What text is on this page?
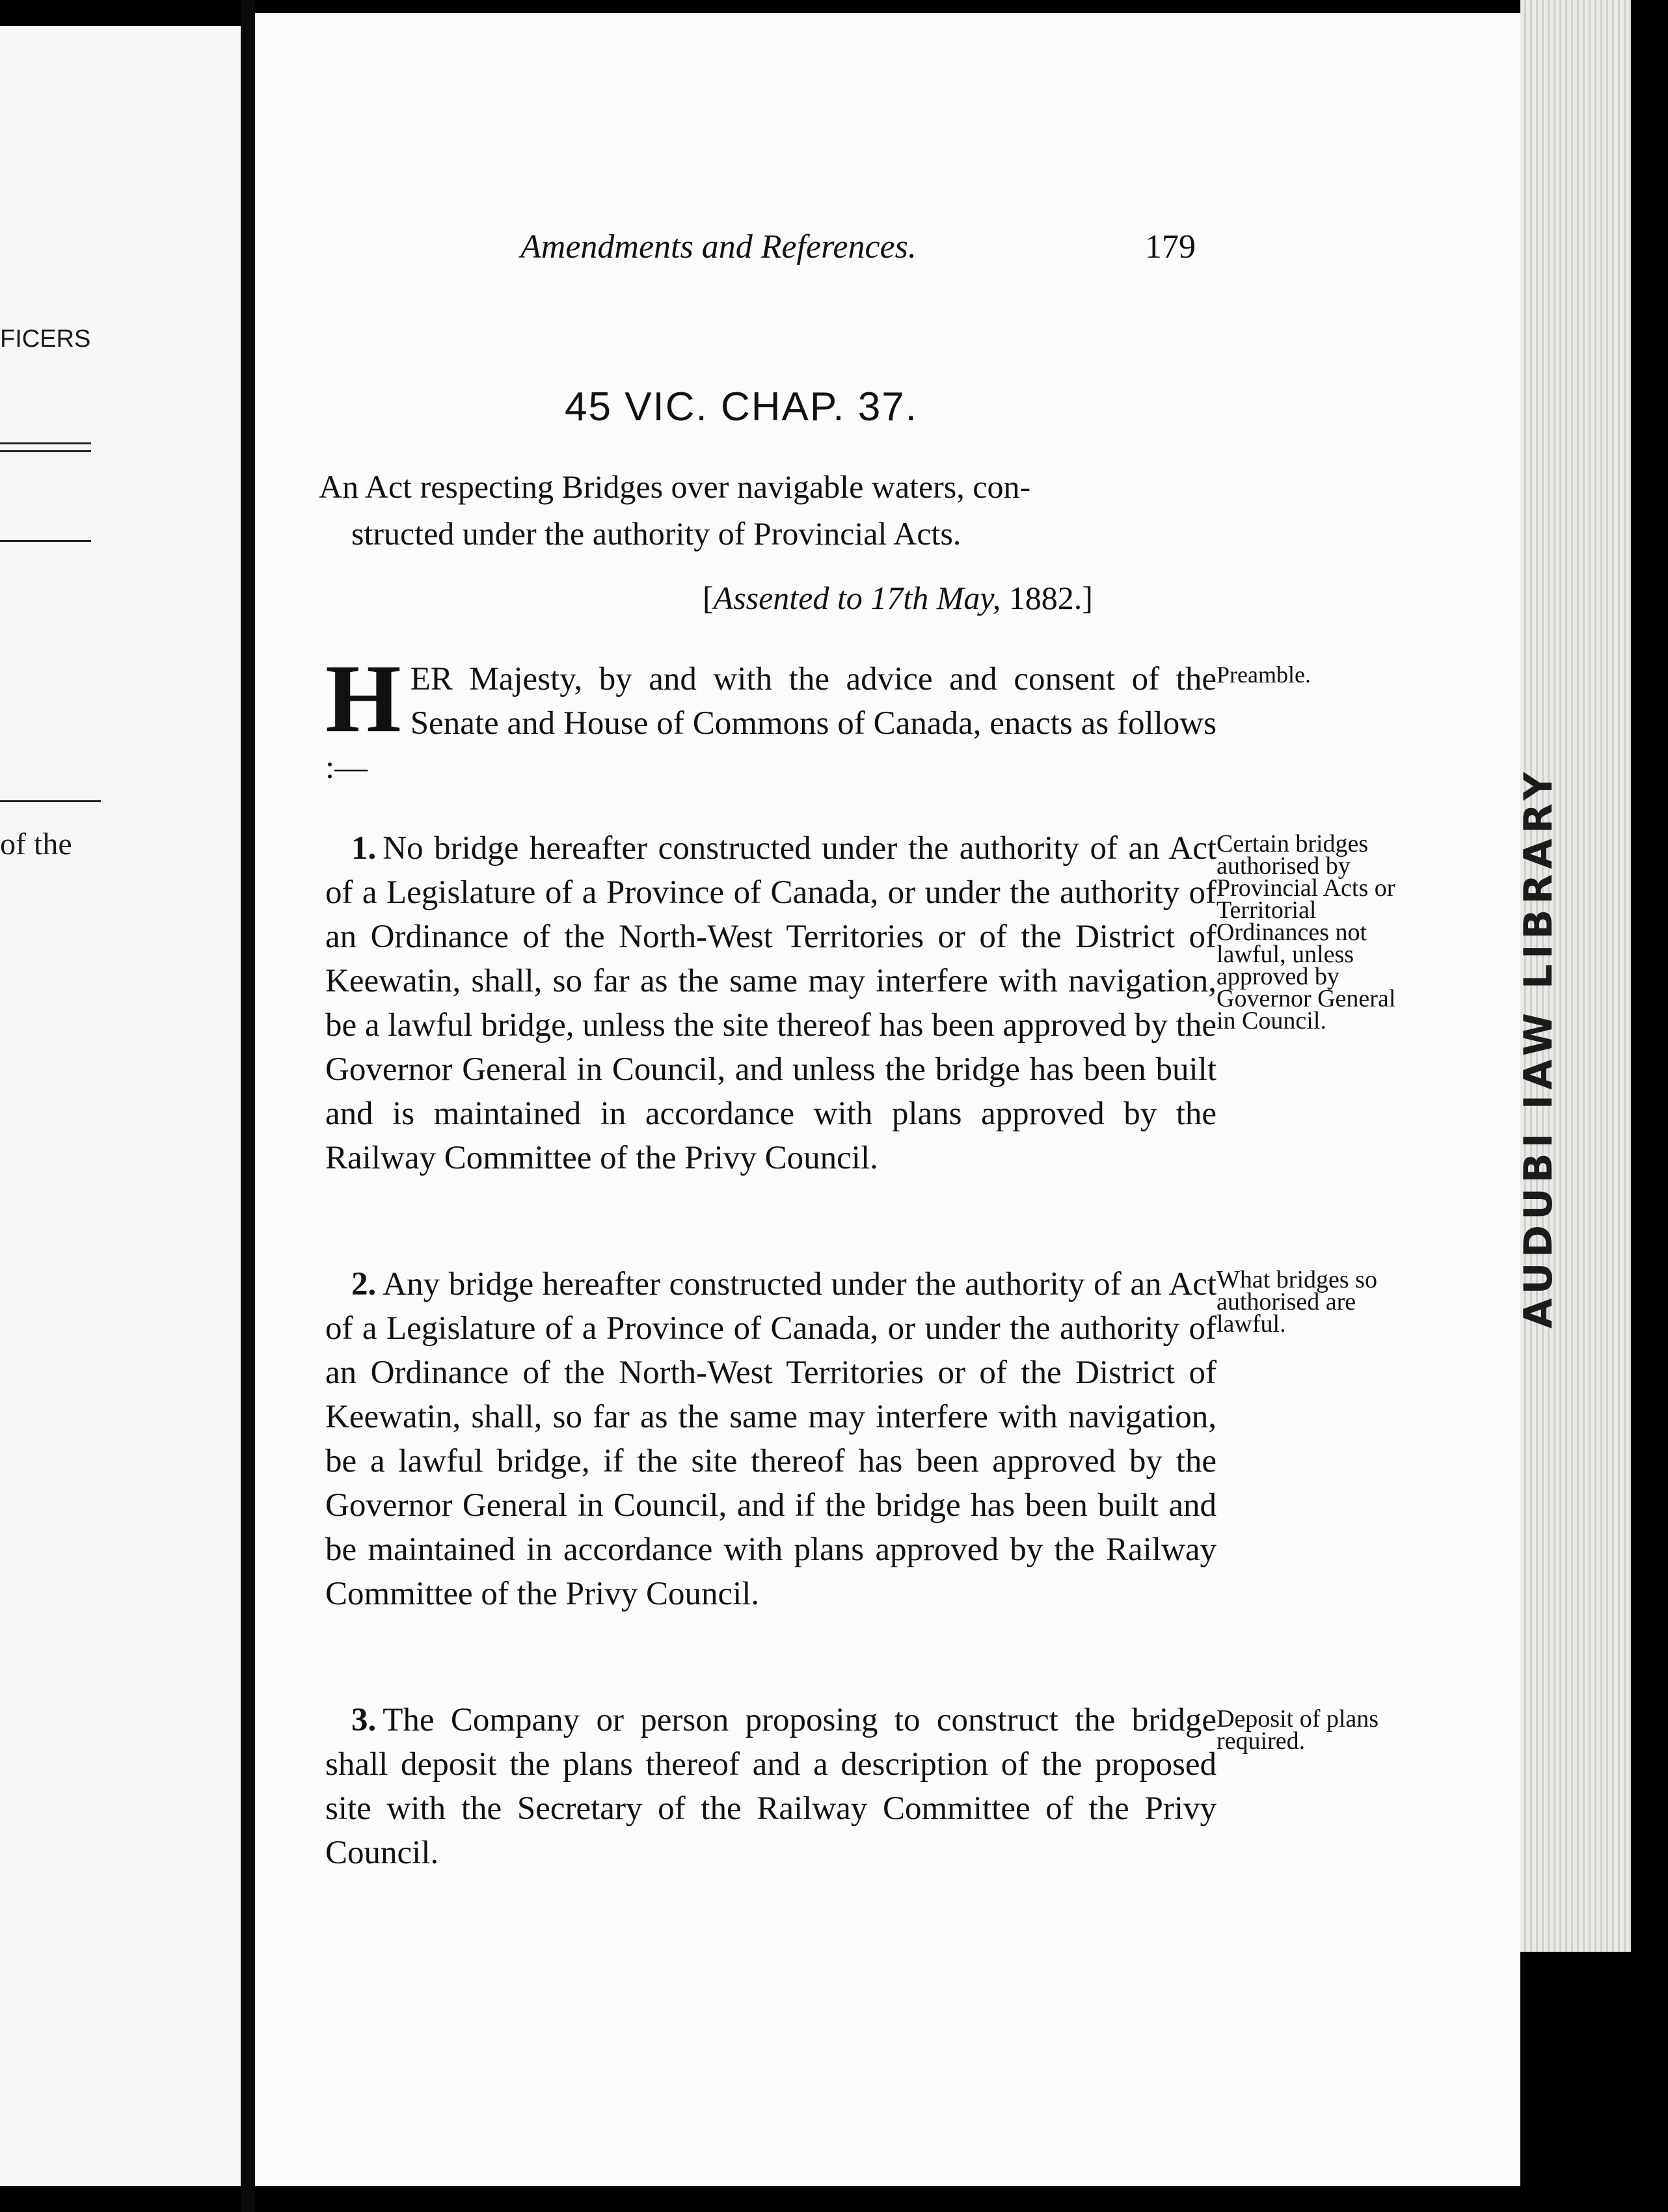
FICERS
of the	AUDUBI IAW LIBRARY
Amendments and References.	179
45 VIC. CHAP. 37.
An Act respecting Bridges over navigable waters, con-
structed under the authority of Provincial Acts.
[Assented to 17th May, 1882.]

HER Majesty, by and with the advice and consent of the Senate and House of Commons of Canada, enacts as follows :—

Preamble.

1. No bridge hereafter constructed under the authority of an Act of a Legislature of a Province of Canada, or under the authority of an Ordinance of the North-West Territories or of the District of Keewatin, shall, so far as the same may interfere with navigation, be a lawful bridge, unless the site thereof has been approved by the Governor General in Council, and unless the bridge has been built and is maintained in accordance with plans approved by the Railway Committee of the Privy Council.

Certain bridges authorised by Provincial Acts or Territorial Ordinances not lawful, unless approved by Governor General in Council.

2. Any bridge hereafter constructed under the authority of an Act of a Legislature of a Province of Canada, or under the authority of an Ordinance of the North-West Territories or of the District of Keewatin, shall, so far as the same may interfere with navigation, be a lawful bridge, if the site thereof has been approved by the Governor General in Council, and if the bridge has been built and be maintained in accordance with plans approved by the Railway Committee of the Privy Council.

What bridges so authorised are lawful.

3. The Company or person proposing to construct the bridge shall deposit the plans thereof and a description of the proposed site with the Secretary of the Railway Committee of the Privy Council.

Deposit of plans required.
